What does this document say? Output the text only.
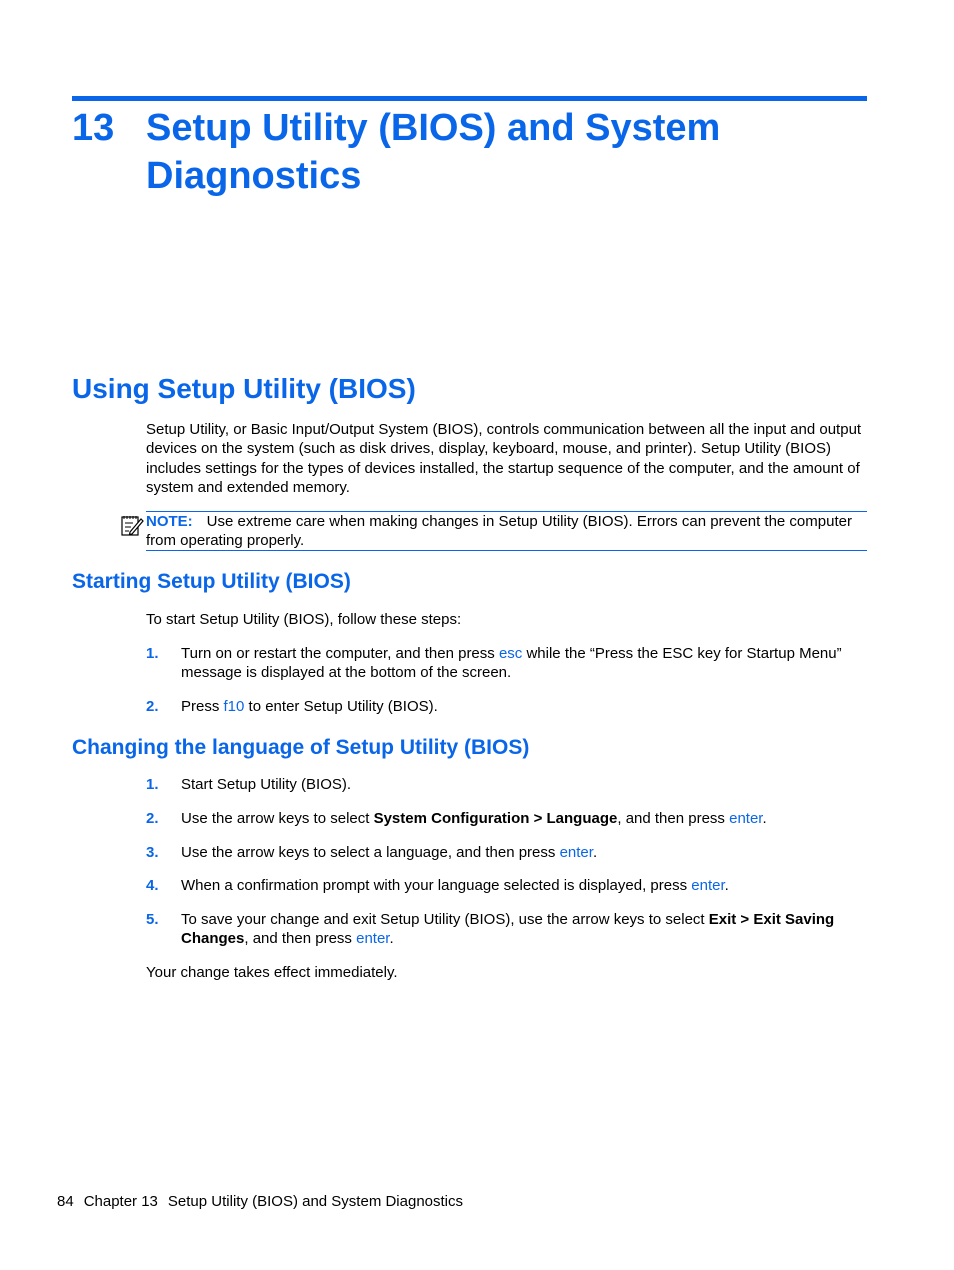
13 Setup Utility (BIOS) and System Diagnostics
Using Setup Utility (BIOS)

Setup Utility, or Basic Input/Output System (BIOS), controls communication between all the input and output devices on the system (such as disk drives, display, keyboard, mouse, and printer). Setup Utility (BIOS) includes settings for the types of devices installed, the startup sequence of the computer, and the amount of system and extended memory.

NOTE: Use extreme care when making changes in Setup Utility (BIOS). Errors can prevent the computer from operating properly.
Starting Setup Utility (BIOS)

To start Setup Utility (BIOS), follow these steps:

1. Turn on or restart the computer, and then press esc while the “Press the ESC key for Startup Menu” message is displayed at the bottom of the screen.
2. Press f10 to enter Setup Utility (BIOS).
Changing the language of Setup Utility (BIOS)
1. Start Setup Utility (BIOS).
2. Use the arrow keys to select System Configuration > Language, and then press enter.
3. Use the arrow keys to select a language, and then press enter.
4. When a confirmation prompt with your language selected is displayed, press enter.
5. To save your change and exit Setup Utility (BIOS), use the arrow keys to select Exit > Exit Saving Changes, and then press enter.

Your change takes effect immediately.

84 Chapter 13 Setup Utility (BIOS) and System Diagnostics
